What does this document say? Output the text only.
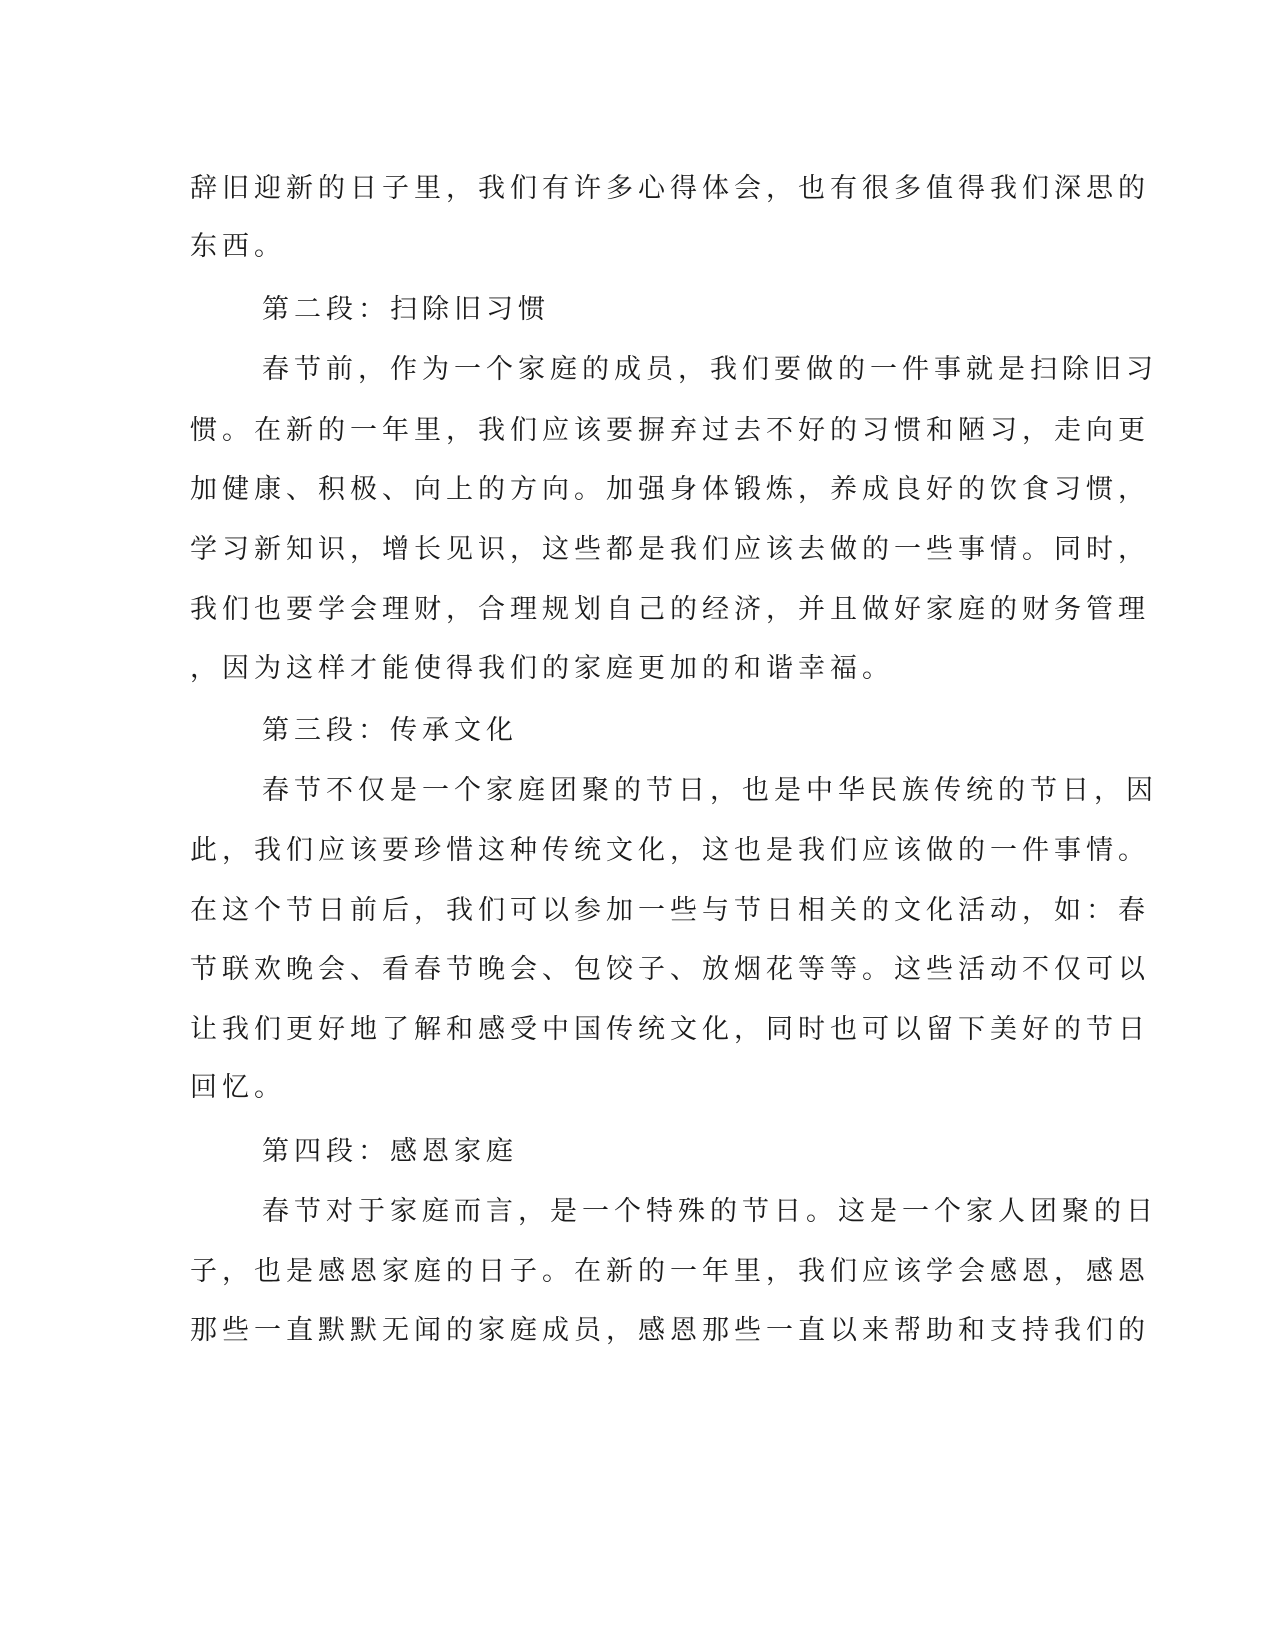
辞旧迎新的日子里，我们有许多心得体会，也有很多值得我们深思的

东西。

第二段：扫除旧习惯

春节前，作为一个家庭的成员，我们要做的一件事就是扫除旧习

惯。在新的一年里，我们应该要摒弃过去不好的习惯和陋习，走向更

加健康、积极、向上的方向。加强身体锻炼，养成良好的饮食习惯，

学习新知识，增长见识，这些都是我们应该去做的一些事情。同时，

我们也要学会理财，合理规划自己的经济，并且做好家庭的财务管理

，因为这样才能使得我们的家庭更加的和谐幸福。

第三段：传承文化

春节不仅是一个家庭团聚的节日，也是中华民族传统的节日，因

此，我们应该要珍惜这种传统文化，这也是我们应该做的一件事情。

在这个节日前后，我们可以参加一些与节日相关的文化活动，如：春

节联欢晚会、看春节晚会、包饺子、放烟花等等。这些活动不仅可以

让我们更好地了解和感受中国传统文化，同时也可以留下美好的节日

回忆。

第四段：感恩家庭

春节对于家庭而言，是一个特殊的节日。这是一个家人团聚的日

子，也是感恩家庭的日子。在新的一年里，我们应该学会感恩，感恩

那些一直默默无闻的家庭成员，感恩那些一直以来帮助和支持我们的
